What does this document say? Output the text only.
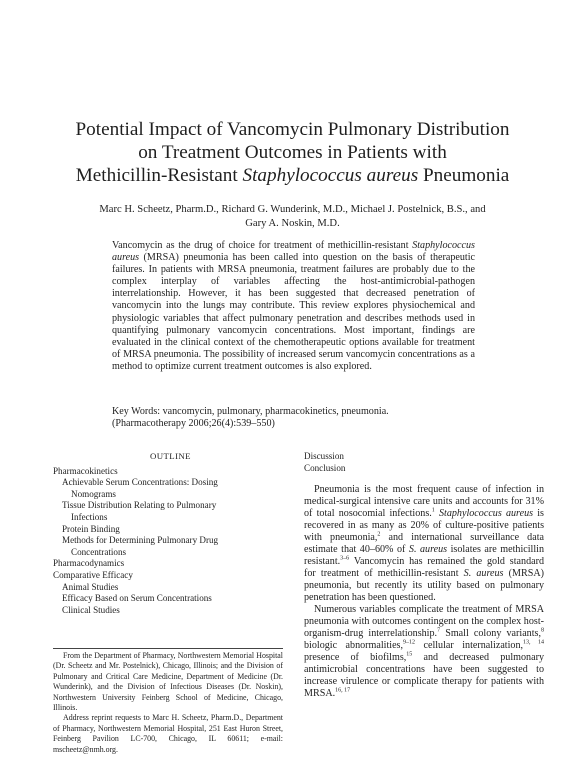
Potential Impact of Vancomycin Pulmonary Distribution
on Treatment Outcomes in Patients with
Methicillin-Resistant Staphylococcus aureus Pneumonia
Marc H. Scheetz, Pharm.D., Richard G. Wunderink, M.D., Michael J. Postelnick, B.S., and
Gary A. Noskin, M.D.
Vancomycin as the drug of choice for treatment of methicillin-resistant Staphylococcus aureus (MRSA) pneumonia has been called into question on the basis of therapeutic failures. In patients with MRSA pneumonia, treatment failures are probably due to the complex interplay of variables affecting the host-antimicrobial-pathogen interrelationship. However, it has been suggested that decreased penetration of vancomycin into the lungs may contribute. This review explores physiochemical and physiologic variables that affect pulmonary penetration and describes methods used in quantifying pulmonary vancomycin concentrations. Most important, findings are evaluated in the clinical context of the chemotherapeutic options available for treatment of MRSA pneumonia. The possibility of increased serum vancomycin concentrations as a method to optimize current treatment outcomes is also explored.
Key Words: vancomycin, pulmonary, pharmacokinetics, pneumonia.
(Pharmacotherapy 2006;26(4):539–550)
OUTLINE
Pharmacokinetics
Achievable Serum Concentrations: Dosing
Nomograms
Tissue Distribution Relating to Pulmonary
Infections
Protein Binding
Methods for Determining Pulmonary Drug
Concentrations
Pharmacodynamics
Comparative Efficacy
Animal Studies
Efficacy Based on Serum Concentrations
Clinical Studies
Discussion
Conclusion

From the Department of Pharmacy, Northwestern Memorial Hospital (Dr. Scheetz and Mr. Postelnick), Chicago, Illinois; and the Division of Pulmonary and Critical Care Medicine, Department of Medicine (Dr. Wunderink), and the Division of Infectious Diseases (Dr. Noskin), Northwestern University Feinberg School of Medicine, Chicago, Illinois.

Address reprint requests to Marc H. Scheetz, Pharm.D., Department of Pharmacy, Northwestern Memorial Hospital, 251 East Huron Street, Feinberg Pavilion LC-700, Chicago, IL 60611; e-mail: mscheetz@nmh.org.

Pneumonia is the most frequent cause of infection in medical-surgical intensive care units and accounts for 31% of total nosocomial infections.$^1$ Staphylococcus aureus is recovered in as many as 20% of culture-positive patients with pneumonia,$^2$ and international surveillance data estimate that 40–60% of S. aureus isolates are methicillin resistant.$^{3-6}$ Vancomycin has remained the gold standard for treatment of methicillin-resistant S. aureus (MRSA) pneumonia, but recently its utility based on pulmonary penetration has been questioned.

Numerous variables complicate the treatment of MRSA pneumonia with outcomes contingent on the complex host-organism-drug interrelationship.$^7$ Small colony variants,$^8$ biologic abnormalities,$^{9-12}$ cellular internalization,$^{13, 14}$ presence of biofilms,$^{15}$ and decreased pulmonary antimicrobial concentrations have been suggested to increase virulence or complicate therapy for patients with MRSA.$^{16, 17}$
